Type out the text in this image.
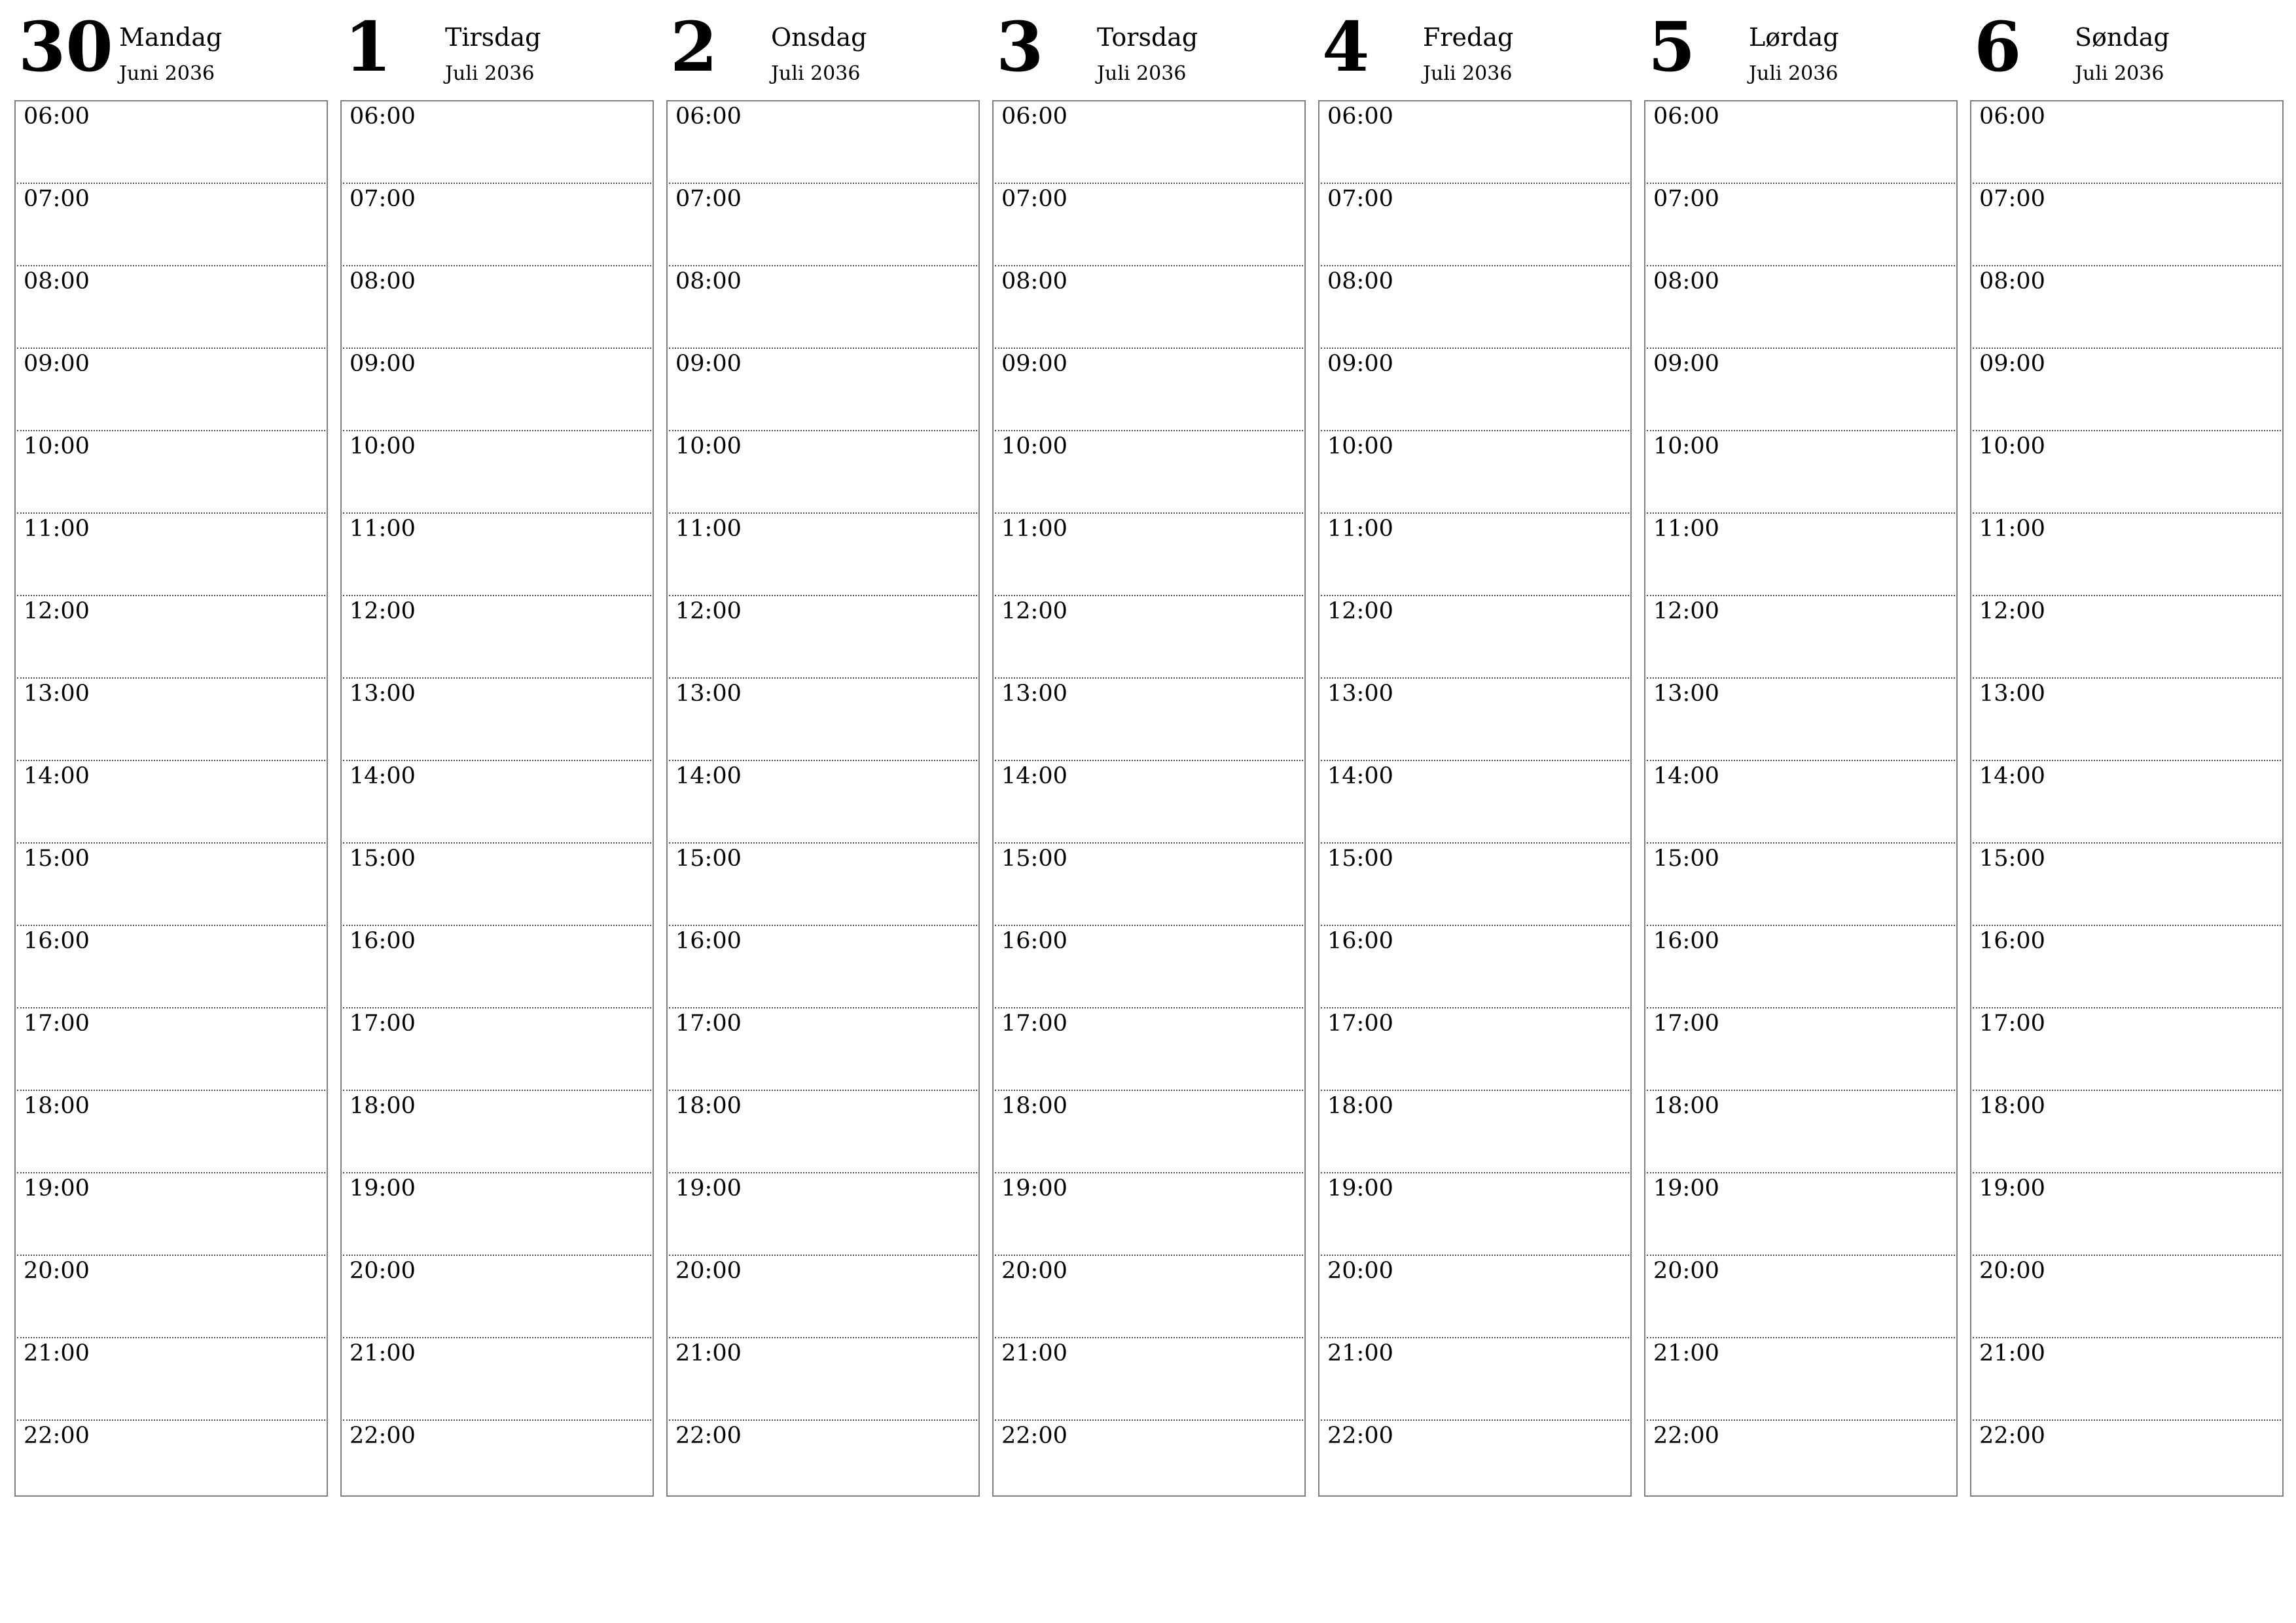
30 Mandag
Juni 2036
06:00
07:00
08:00
09:00
10:00
11:00
12:00
13:00
14:00
15:00
16:00
17:00
18:00
19:00
20:00
21:00
22:00
1 Tirsdag
Juli 2036
06:00
07:00
08:00
09:00
10:00
11:00
12:00
13:00
14:00
15:00
16:00
17:00
18:00
19:00
20:00
21:00
22:00
2 Onsdag
Juli 2036
06:00
07:00
08:00
09:00
10:00
11:00
12:00
13:00
14:00
15:00
16:00
17:00
18:00
19:00
20:00
21:00
22:00
3 Torsdag
Juli 2036
06:00
07:00
08:00
09:00
10:00
11:00
12:00
13:00
14:00
15:00
16:00
17:00
18:00
19:00
20:00
21:00
22:00
4 Fredag
Juli 2036
06:00
07:00
08:00
09:00
10:00
11:00
12:00
13:00
14:00
15:00
16:00
17:00
18:00
19:00
20:00
21:00
22:00
5 Lørdag
Juli 2036
06:00
07:00
08:00
09:00
10:00
11:00
12:00
13:00
14:00
15:00
16:00
17:00
18:00
19:00
20:00
21:00
22:00
6 Søndag
Juli 2036
06:00
07:00
08:00
09:00
10:00
11:00
12:00
13:00
14:00
15:00
16:00
17:00
18:00
19:00
20:00
21:00
22:00
